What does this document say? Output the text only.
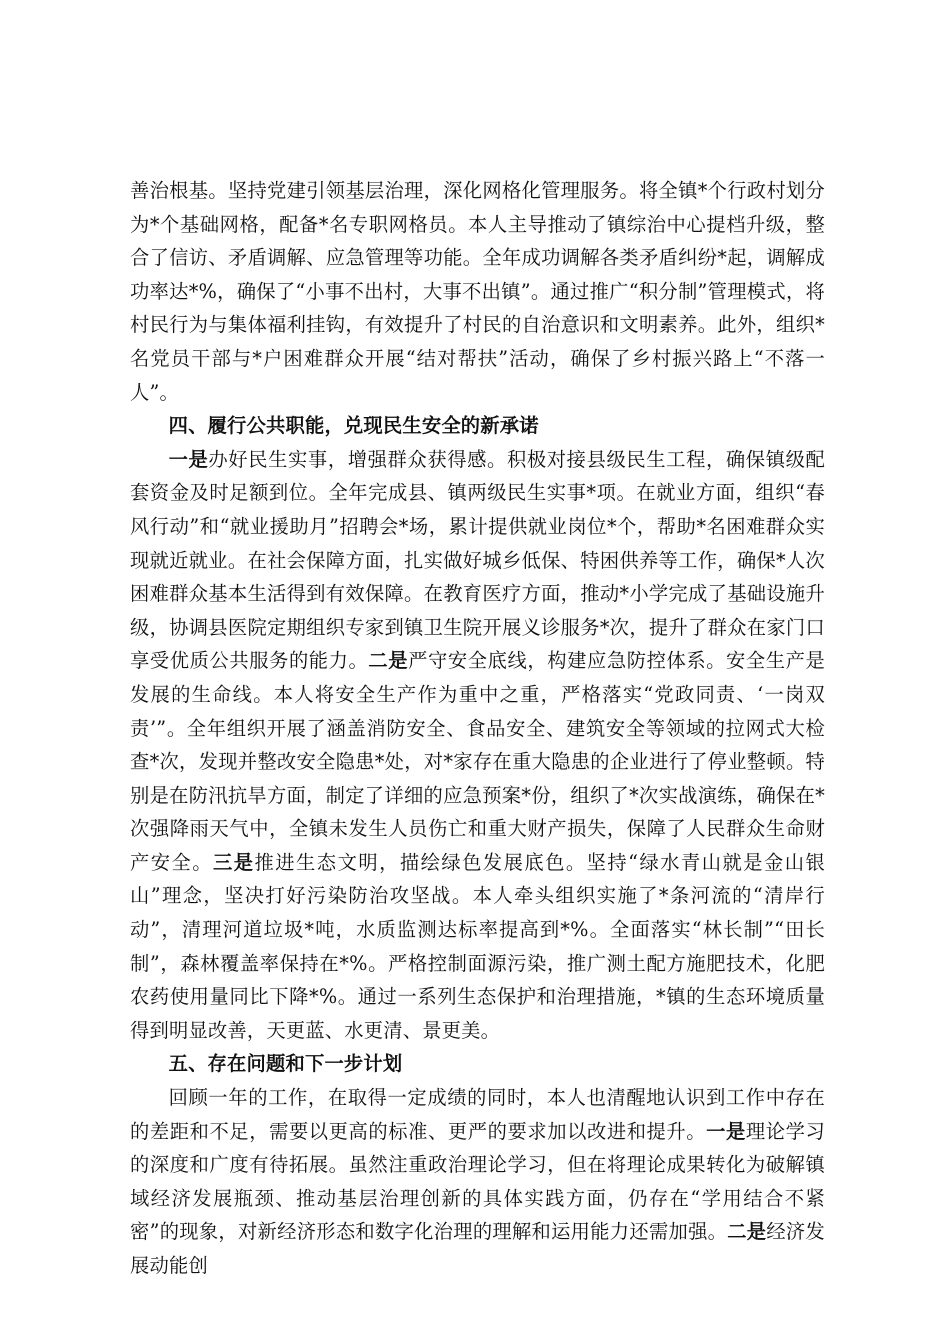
善治根基。坚持党建引领基层治理，深化网格化管理服务。将全镇*个行政村划分为*个基础网格，配备*名专职网格员。本人主导推动了镇综治中心提档升级，整合了信访、矛盾调解、应急管理等功能。全年成功调解各类矛盾纠纷*起，调解成功率达*%，确保了“小事不出村，大事不出镇”。通过推广“积分制”管理模式，将村民行为与集体福利挂钩，有效提升了村民的自治意识和文明素养。此外，组织*名党员干部与*户困难群众开展“结对帮扶”活动，确保了乡村振兴路上“不落一人”。

四、履行公共职能，兑现民生安全的新承诺

一是办好民生实事，增强群众获得感。积极对接县级民生工程，确保镇级配套资金及时足额到位。全年完成县、镇两级民生实事*项。在就业方面，组织“春风行动”和“就业援助月”招聘会*场，累计提供就业岗位*个，帮助*名困难群众实现就近就业。在社会保障方面，扎实做好城乡低保、特困供养等工作，确保*人次困难群众基本生活得到有效保障。在教育医疗方面，推动*小学完成了基础设施升级，协调县医院定期组织专家到镇卫生院开展义诊服务*次，提升了群众在家门口享受优质公共服务的能力。二是严守安全底线，构建应急防控体系。安全生产是发展的生命线。本人将安全生产作为重中之重，严格落实“党政同责、‘一岗双责’”。全年组织开展了涵盖消防安全、食品安全、建筑安全等领域的拉网式大检查*次，发现并整改安全隐患*处，对*家存在重大隐患的企业进行了停业整顿。特别是在防汛抗旱方面，制定了详细的应急预案*份，组织了*次实战演练，确保在*次强降雨天气中，全镇未发生人员伤亡和重大财产损失，保障了人民群众生命财产安全。三是推进生态文明，描绘绿色发展底色。坚持“绿水青山就是金山银山”理念，坚决打好污染防治攻坚战。本人牵头组织实施了*条河流的“清岸行动”，清理河道垃圾*吨，水质监测达标率提高到*%。全面落实“林长制”“田长制”，森林覆盖率保持在*%。严格控制面源污染，推广测土配方施肥技术，化肥农药使用量同比下降*%。通过一系列生态保护和治理措施，*镇的生态环境质量得到明显改善，天更蓝、水更清、景更美。

五、存在问题和下一步计划

回顾一年的工作，在取得一定成绩的同时，本人也清醒地认识到工作中存在的差距和不足，需要以更高的标准、更严的要求加以改进和提升。一是理论学习的深度和广度有待拓展。虽然注重政治理论学习，但在将理论成果转化为破解镇域经济发展瓶颈、推动基层治理创新的具体实践方面，仍存在“学用结合不紧密”的现象，对新经济形态和数字化治理的理解和运用能力还需加强。二是经济发展动能创
